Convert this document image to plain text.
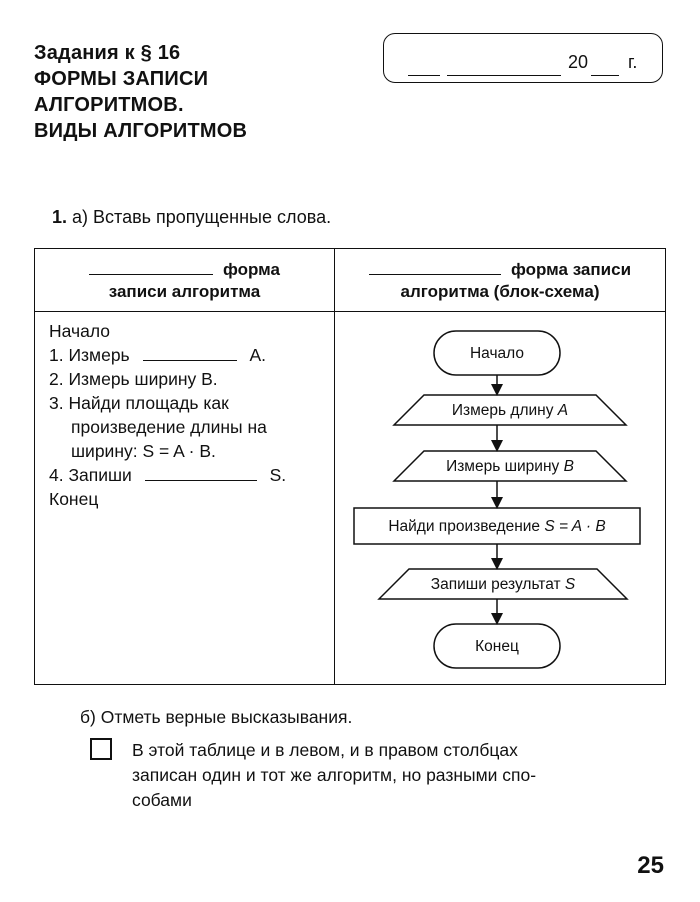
Задания к § 16
ФОРМЫ ЗАПИСИ
АЛГОРИТМОВ.
ВИДЫ АЛГОРИТМОВ
20 г.
1. а) Вставь пропущенные слова.
форма
записи алгоритма
форма записи
алгоритма (блок-схема)
Начало
1. Измерь	A.
2. Измерь ширину B.
3. Найди площадь как
произведение длины на
ширину: S = A · B.
4. Запиши	S.
Конец
Начало
Измерь длину A
Измерь ширину B
Найди произведение S = A · B
Запиши результат S
Конец
б) Отметь верные высказывания.
В этой таблице и в левом, и в правом столбцах
записан один и тот же алгоритм, но разными спо-
собами
25
